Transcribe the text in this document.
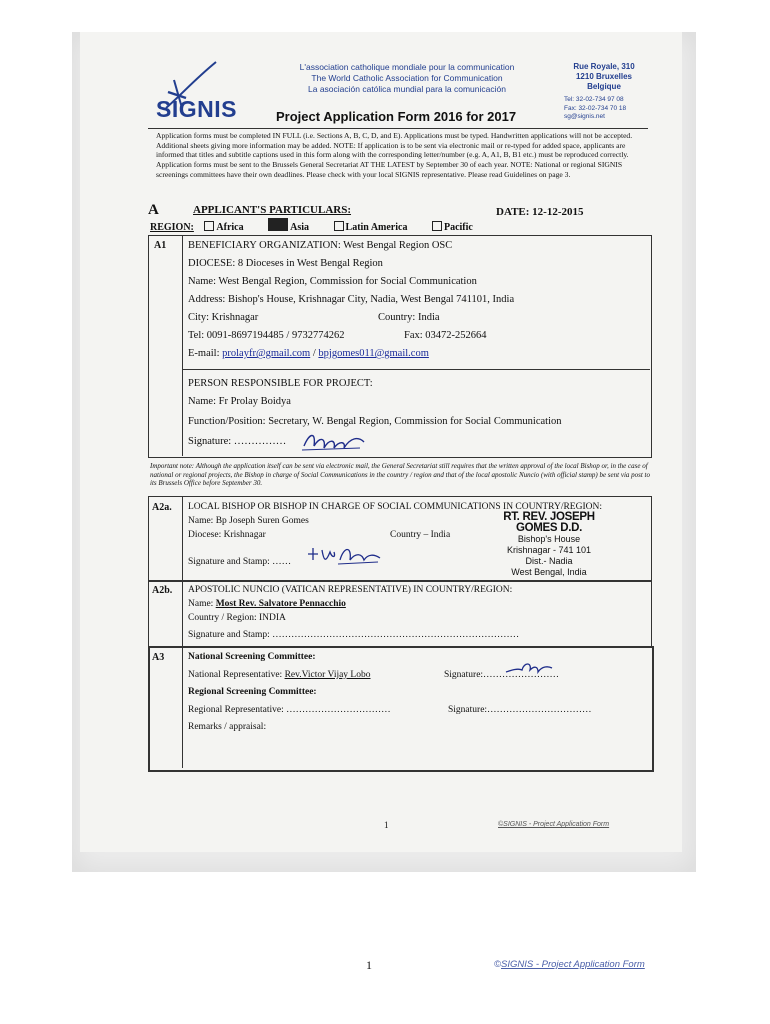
SIGNIS
L'association catholique mondiale pour la communication
The World Catholic Association for Communication
La asociación católica mundial para la comunicación
Rue Royale, 310
1210 Bruxelles
Belgique
Tel: 32-02-734 97 08
Fax: 32-02-734 70 18
sg@signis.net
Project Application Form 2016 for 2017
Application forms must be completed IN FULL (i.e. Sections A, B, C, D, and E). Applications must be typed. Handwritten applications will not be accepted. Additional sheets giving more information may be added. NOTE: If application is to be sent via electronic mail or re-typed for added space, applicants are informed that titles and subtitle captions used in this form along with the corresponding letter/number (e.g. A, A1, B, B1 etc.) must be reproduced correctly. Application forms must be sent to the Brussels General Secretariat AT THE LATEST by September 30 of each year. NOTE: National or regional SIGNIS screenings committees have their own deadlines. Please check with your local SIGNIS representative. Please read Guidelines on page 3.
A	APPLICANT'S PARTICULARS:	DATE: 12-12-2015
REGION: Africa	Asia	Latin America	Pacific
A1 BENEFICIARY ORGANIZATION: West Bengal Region OSC
DIOCESE: 8 Dioceses in West Bengal Region
Name: West Bengal Region, Commission for Social Communication
Address: Bishop's House, Krishnagar City, Nadia, West Bengal 741101, India
City: Krishnagar	Country: India
Tel: 0091-8697194485 / 9732774262	Fax: 03472-252664
E-mail: prolayfr@gmail.com / bpjgomes011@gmail.com
PERSON RESPONSIBLE FOR PROJECT:
Name: Fr Prolay Boidya
Function/Position: Secretary, W. Bengal Region, Commission for Social Communication
Signature: ……………
Important note: Although the application itself can be sent via electronic mail, the General Secretariat still requires that the written approval of the local Bishop or, in the case of national or regional projects, the Bishop in charge of Social Communications in the country / region and that of the local apostolic Nuncio (with official stamp) be sent via post to its Brussels Office before September 30.
A2a. LOCAL BISHOP OR BISHOP IN CHARGE OF SOCIAL COMMUNICATIONS IN COUNTRY/REGION:
Name: Bp Joseph Suren Gomes
Diocese: Krishnagar	Country – India
Signature and Stamp: ……
RT. REV. JOSEPH GOMES D.D.
Bishop's House
Krishnagar - 741 101
Dist.- Nadia
West Bengal, India
A2b. APOSTOLIC NUNCIO (VATICAN REPRESENTATIVE) IN COUNTRY/REGION:
Name: Most Rev. Salvatore Pennacchio
Country / Region: INDIA
Signature and Stamp: ……………………………………………………………………
A3	National Screening Committee:
National Representative: Rev.Victor Vijay Lobo	Signature:……………………
Regional Screening Committee:
Regional Representative: ……………………………	Signature:……………………………
Remarks / appraisal:
1	©SIGNIS - Project Application Form
1	©SIGNIS - Project Application Form
